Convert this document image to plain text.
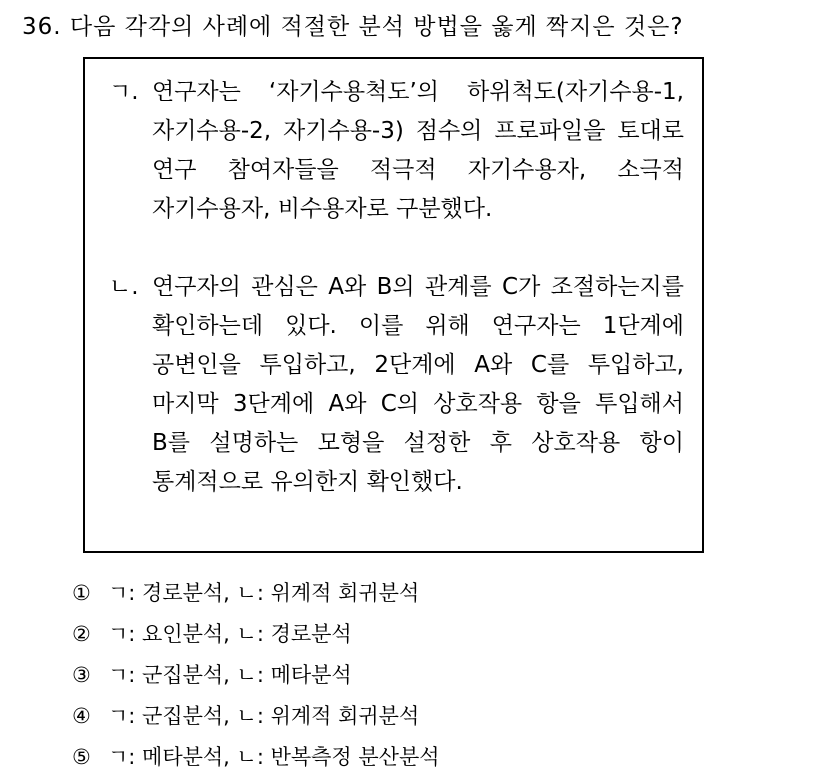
36. 다음 각각의 사례에 적절한 분석 방법을 옳게 짝지은 것은?
ㄱ. 연구자는 ‘자기수용척도’의 하위척도(자기수용-1, 자기수용-2, 자기수용-3) 점수의 프로파일을 토대로 연구 참여자들을 적극적 자기수용자, 소극적 자기수용자, 비수용자로 구분했다.
ㄴ. 연구자의 관심은 A와 B의 관계를 C가 조절하는지를 확인하는데 있다. 이를 위해 연구자는 1단계에 공변인을 투입하고, 2단계에 A와 C를 투입하고, 마지막 3단계에 A와 C의 상호작용 항을 투입해서 B를 설명하는 모형을 설정한 후 상호작용 항이 통계적으로 유의한지 확인했다.
① ㄱ: 경로분석, ㄴ: 위계적 회귀분석
② ㄱ: 요인분석, ㄴ: 경로분석
③ ㄱ: 군집분석, ㄴ: 메타분석
④ ㄱ: 군집분석, ㄴ: 위계적 회귀분석
⑤ ㄱ: 메타분석, ㄴ: 반복측정 분산분석
